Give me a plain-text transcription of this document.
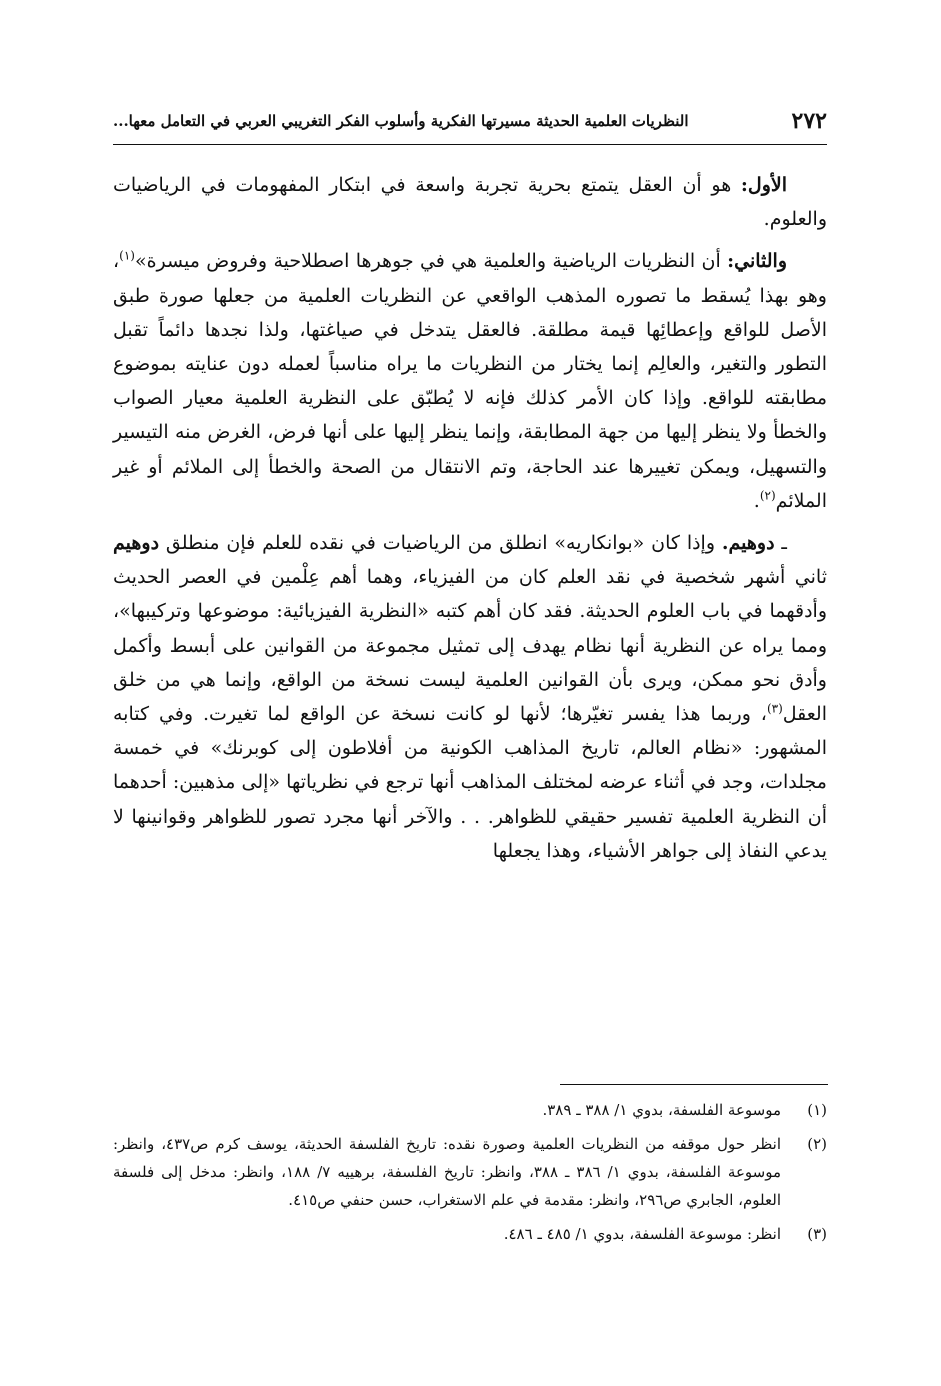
٢٧٢
النظريات العلمية الحديثة مسيرتها الفكرية وأسلوب الفكر التغريبي العربي في التعامل معها...

الأول: هو أن العقل يتمتع بحرية تجربة واسعة في ابتكار المفهومات في الرياضيات والعلوم.

والثاني: أن النظريات الرياضية والعلمية هي في جوهرها اصطلاحية وفروض ميسرة»$^{(١)}$، وهو بهذا يُسقط ما تصوره المذهب الواقعي عن النظريات العلمية من جعلها صورة طبق الأصل للواقع وإعطائِها قيمة مطلقة. فالعقل يتدخل في صياغتها، ولذا نجدها دائماً تقبل التطور والتغير، والعالِم إنما يختار من النظريات ما يراه مناسباً لعمله دون عنايته بموضوع مطابقته للواقع. وإذا كان الأمر كذلك فإنه لا يُطبّق على النظرية العلمية معيار الصواب والخطأ ولا ينظر إليها من جهة المطابقة، وإنما ينظر إليها على أنها فرض، الغرض منه التيسير والتسهيل، ويمكن تغييرها عند الحاجة، وتم الانتقال من الصحة والخطأ إلى الملائم أو غير الملائم$^{(٢)}$.

ـ دوهيم. وإذا كان «بوانكاريه» انطلق من الرياضيات في نقده للعلم فإن منطلق دوهيم ثاني أشهر شخصية في نقد العلم كان من الفيزياء، وهما أهم عِلْمين في العصر الحديث وأدقهما في باب العلوم الحديثة. فقد كان أهم كتبه «النظرية الفيزيائية: موضوعها وتركيبها»، ومما يراه عن النظرية أنها نظام يهدف إلى تمثيل مجموعة من القوانين على أبسط وأكمل وأدق نحو ممكن، ويرى بأن القوانين العلمية ليست نسخة من الواقع، وإنما هي من خلق العقل$^{(٣)}$، وربما هذا يفسر تغيّرها؛ لأنها لو كانت نسخة عن الواقع لما تغيرت. وفي كتابه المشهور: «نظام العالم، تاريخ المذاهب الكونية من أفلاطون إلى كوبرنك» في خمسة مجلدات، وجد في أثناء عرضه لمختلف المذاهب أنها ترجع في نظرياتها «إلى مذهبين: أحدهما أن النظرية العلمية تفسير حقيقي للظواهر. . . والآخر أنها مجرد تصور للظواهر وقوانينها لا يدعي النفاذ إلى جواهر الأشياء، وهذا يجعلها

(١)
موسوعة الفلسفة، بدوي ١/ ٣٨٨ ـ ٣٨٩.
(٢)
انظر حول موقفه من النظريات العلمية وصورة نقده: تاريخ الفلسفة الحديثة، يوسف كرم ص٤٣٧، وانظر: موسوعة الفلسفة، بدوي ١/ ٣٨٦ ـ ٣٨٨، وانظر: تاريخ الفلسفة، برهييه ٧/ ١٨٨، وانظر: مدخل إلى فلسفة العلوم، الجابري ص٢٩٦، وانظر: مقدمة في علم الاستغراب، حسن حنفي ص٤١٥.
(٣)
انظر: موسوعة الفلسفة، بدوي ١/ ٤٨٥ ـ ٤٨٦.
